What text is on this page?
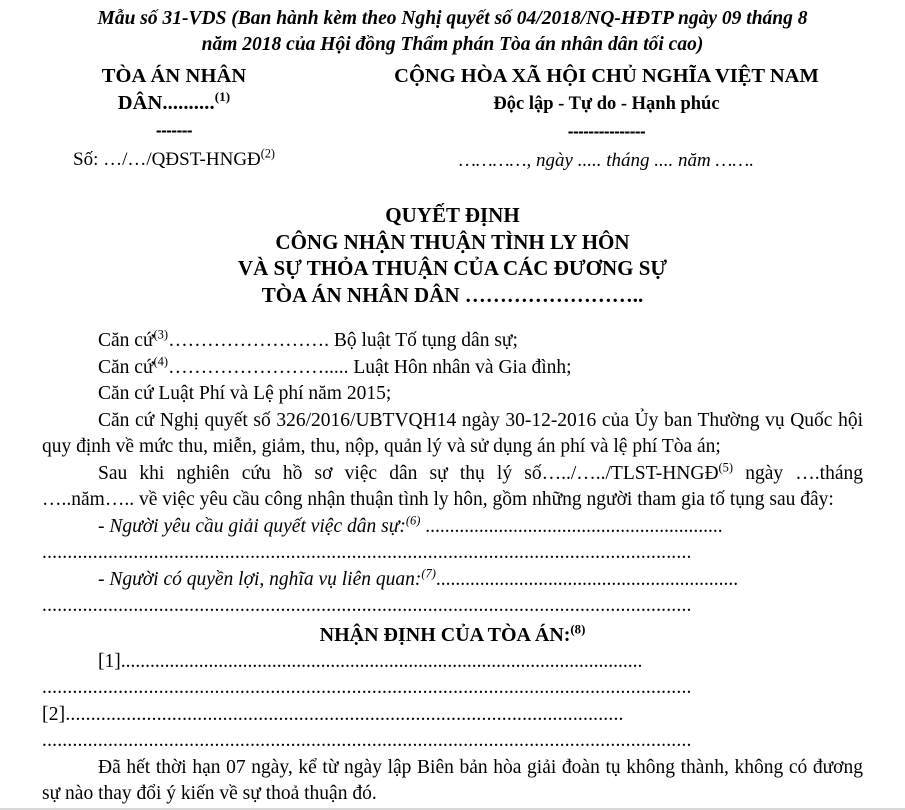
Mẫu số 31-VDS (Ban hành kèm theo Nghị quyết số 04/2018/NQ-HĐTP ngày 09 tháng 8
năm 2018 của Hội đồng Thẩm phán Tòa án nhân dân tối cao)
TÒA ÁN NHÂN
DÂN..........$^{(1)}$
-------
Số: …/…/QĐST-HNGĐ$^{(2)}$
CỘNG HÒA XÃ HỘI CHỦ NGHĨA VIỆT NAM
Độc lập - Tự do - Hạnh phúc
---------------
…………, ngày ..... tháng .... năm …….
QUYẾT ĐỊNH
CÔNG NHẬN THUẬN TÌNH LY HÔN
VÀ SỰ THỎA THUẬN CỦA CÁC ĐƯƠNG SỰ
TÒA ÁN NHÂN DÂN ……………………..
Căn cứ$^{(3)}$……………………. Bộ luật Tố tụng dân sự;
Căn cứ$^{(4)}$……………………..... Luật Hôn nhân và Gia đình;
Căn cứ Luật Phí và Lệ phí năm 2015;
Căn cứ Nghị quyết số 326/2016/UBTVQH14 ngày 30-12-2016 của Ủy ban Thường vụ Quốc hội quy định về mức thu, miễn, giảm, thu, nộp, quản lý và sử dụng án phí và lệ phí Tòa án;
Sau khi nghiên cứu hồ sơ việc dân sự thụ lý số…../…../TLST-HNGĐ$^{(5)}$ ngày ….tháng …..năm….. về việc yêu cầu công nhận thuận tình ly hôn, gồm những người tham gia tố tụng sau đây:
- Người yêu cầu giải quyết việc dân sự:$^{(6)}$ .............................................................
................................................................................................................................
- Người có quyền lợi, nghĩa vụ liên quan:$^{(7)}$..............................................................
................................................................................................................................
NHẬN ĐỊNH CỦA TÒA ÁN:$^{(8)}$
[1]...........................................................................................................
................................................................................................................................
[2]..............................................................................................................
................................................................................................................................
Đã hết thời hạn 07 ngày, kể từ ngày lập Biên bản hòa giải đoàn tụ không thành, không có đương sự nào thay đổi ý kiến về sự thoả thuận đó.
